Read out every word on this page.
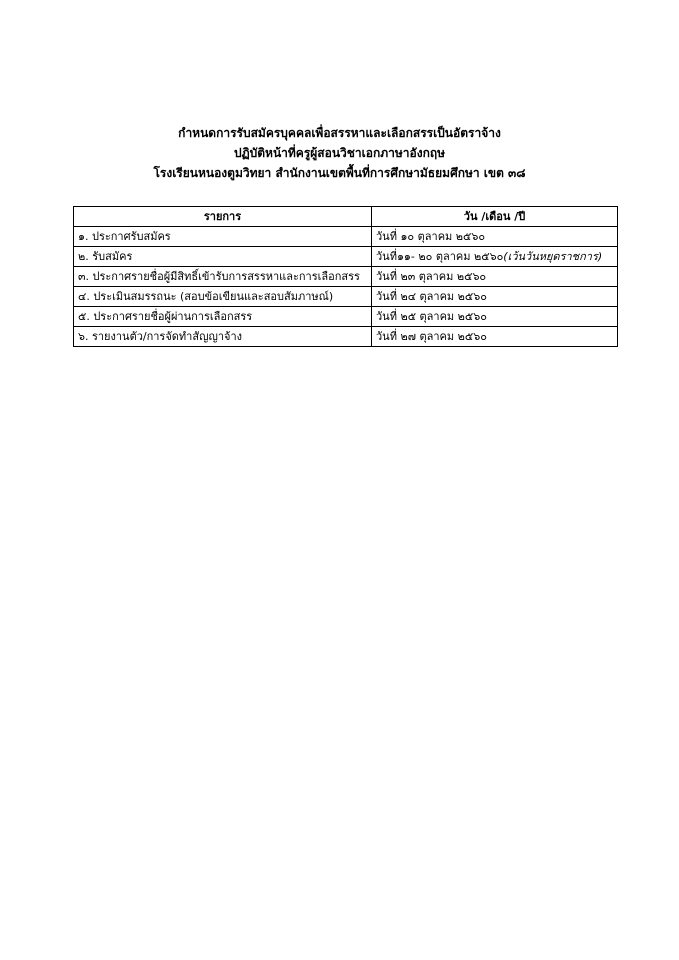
กำหนดการรับสมัครบุคคลเพื่อสรรหาและเลือกสรรเป็นอัตราจ้าง
ปฏิบัติหน้าที่ครูผู้สอนวิชาเอกภาษาอังกฤษ
โรงเรียนหนองตูมวิทยา สำนักงานเขตพื้นที่การศึกษามัธยมศึกษา เขต ๓๘
รายการ	วัน /เดือน /ปี
๑. ประกาศรับสมัคร	วันที่ ๑๐ ตุลาคม ๒๕๖๐
๒. รับสมัคร	วันที่๑๑- ๒๐ ตุลาคม ๒๕๖๐(เว้นวันหยุดราชการ)
๓. ประกาศรายชื่อผู้มีสิทธิ์เข้ารับการสรรหาและการเลือกสรร	วันที่ ๒๓ ตุลาคม ๒๕๖๐
๔. ประเมินสมรรถนะ (สอบข้อเขียนและสอบสัมภาษณ์)	วันที่ ๒๔ ตุลาคม ๒๕๖๐
๕. ประกาศรายชื่อผู้ผ่านการเลือกสรร	วันที่ ๒๕ ตุลาคม ๒๕๖๐
๖. รายงานตัว/การจัดทำสัญญาจ้าง	วันที่ ๒๗ ตุลาคม ๒๕๖๐
